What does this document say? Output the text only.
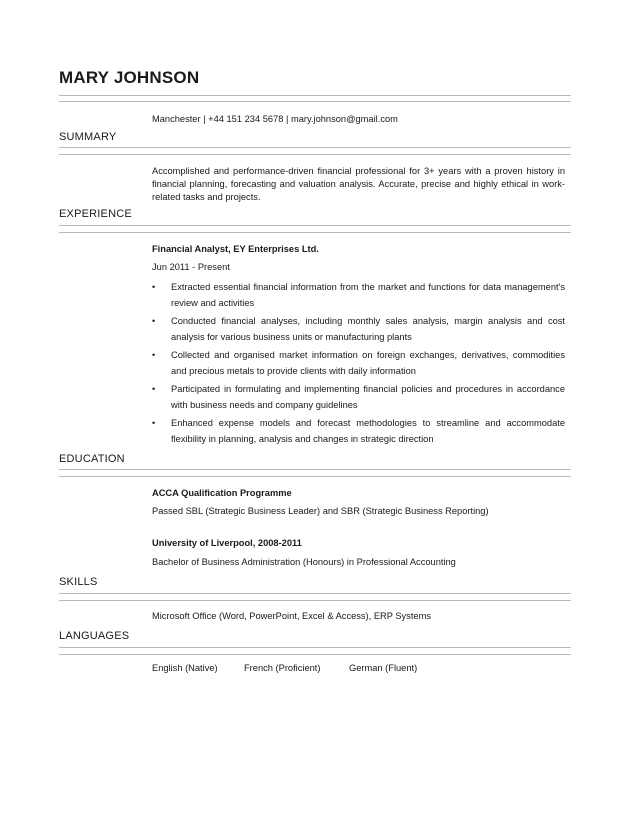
MARY JOHNSON
Manchester | +44 151 234 5678 | mary.johnson@gmail.com
SUMMARY
Accomplished and performance-driven financial professional for 3+ years with a proven history in financial planning, forecasting and valuation analysis. Accurate, precise and highly ethical in work-related tasks and projects.
EXPERIENCE
Financial Analyst, EY Enterprises Ltd.
Jun 2011 - Present
• Extracted essential financial information from the market and functions for data management's review and activities
• Conducted financial analyses, including monthly sales analysis, margin analysis and cost analysis for various business units or manufacturing plants
• Collected and organised market information on foreign exchanges, derivatives, commodities and precious metals to provide clients with daily information
• Participated in formulating and implementing financial policies and procedures in accordance with business needs and company guidelines
• Enhanced expense models and forecast methodologies to streamline and accommodate flexibility in planning, analysis and changes in strategic direction
EDUCATION
ACCA Qualification Programme
Passed SBL (Strategic Business Leader) and SBR (Strategic Business Reporting)
University of Liverpool, 2008-2011
Bachelor of Business Administration (Honours) in Professional Accounting
SKILLS
Microsoft Office (Word, PowerPoint, Excel & Access), ERP Systems
LANGUAGES
English (Native)	French (Proficient)	German (Fluent)
